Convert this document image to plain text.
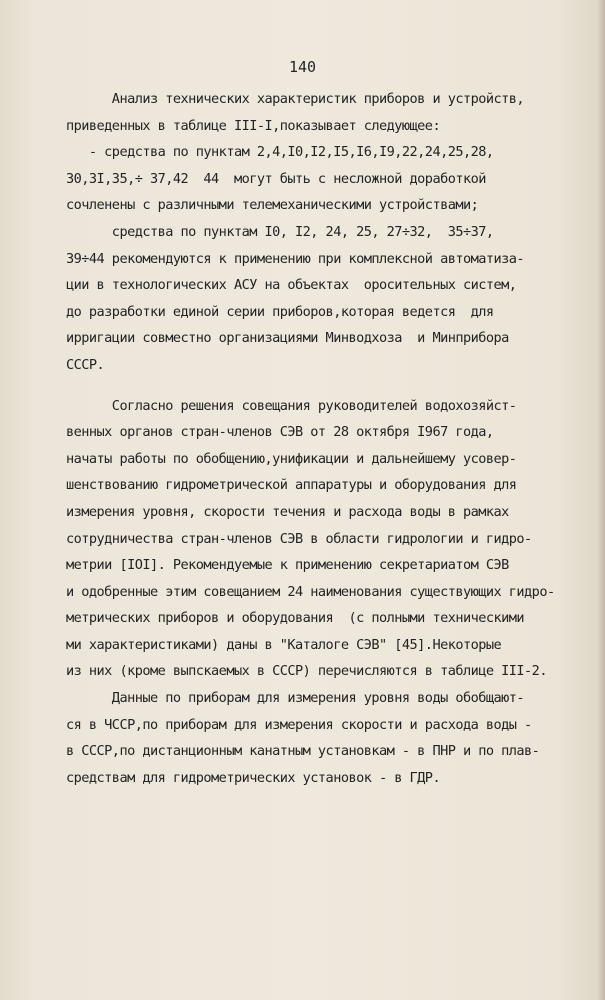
140
Анализ технических характеристик приборов и устройств,
приведенных в таблице III-I,показывает следующее:
- средства по пунктам 2,4,I0,I2,I5,I6,I9,22,24,25,28,
30,3I,35,÷ 37,42  44  могут быть с несложной доработкой
сочленены с различными телемеханическими устройствами;
средства по пунктам I0, I2, 24, 25, 27÷32,  35÷37,
39÷44 рекомендуются к применению при комплексной автоматиза-
ции в технологических АСУ на объектах  оросительных систем,
до разработки единой серии приборов,которая ведется  для
ирригации совместно организациями Минводхоза  и Минприбора
СССР.
Согласно решения совещания руководителей водохозяйст-
венных органов стран-членов СЭВ от 28 октября I967 года,
начаты работы по обобщению,унификации и дальнейшему усовер-
шенствованию гидрометрической аппаратуры и оборудования для
измерения уровня, скорости течения и расхода воды в рамках
сотрудничества стран-членов СЭВ в области гидрологии и гидро-
метрии [IOI]. Рекомендуемые к применению секретариатом СЭВ
и одобренные этим совещанием 24 наименования существующих гидро-
метрических приборов и оборудования  (с полными техническими
ми характеристиками) даны в "Каталоге СЭВ" [45].Некоторые
из них (кроме выпскаемых в СССР) перечисляются в таблице III-2.
Данные по приборам для измерения уровня воды обобщают-
ся в ЧССР,по приборам для измерения скорости и расхода воды -
в СССР,по дистанционным канатным установкам - в ПНР и по плав-
средствам для гидрометрических установок - в ГДР.
